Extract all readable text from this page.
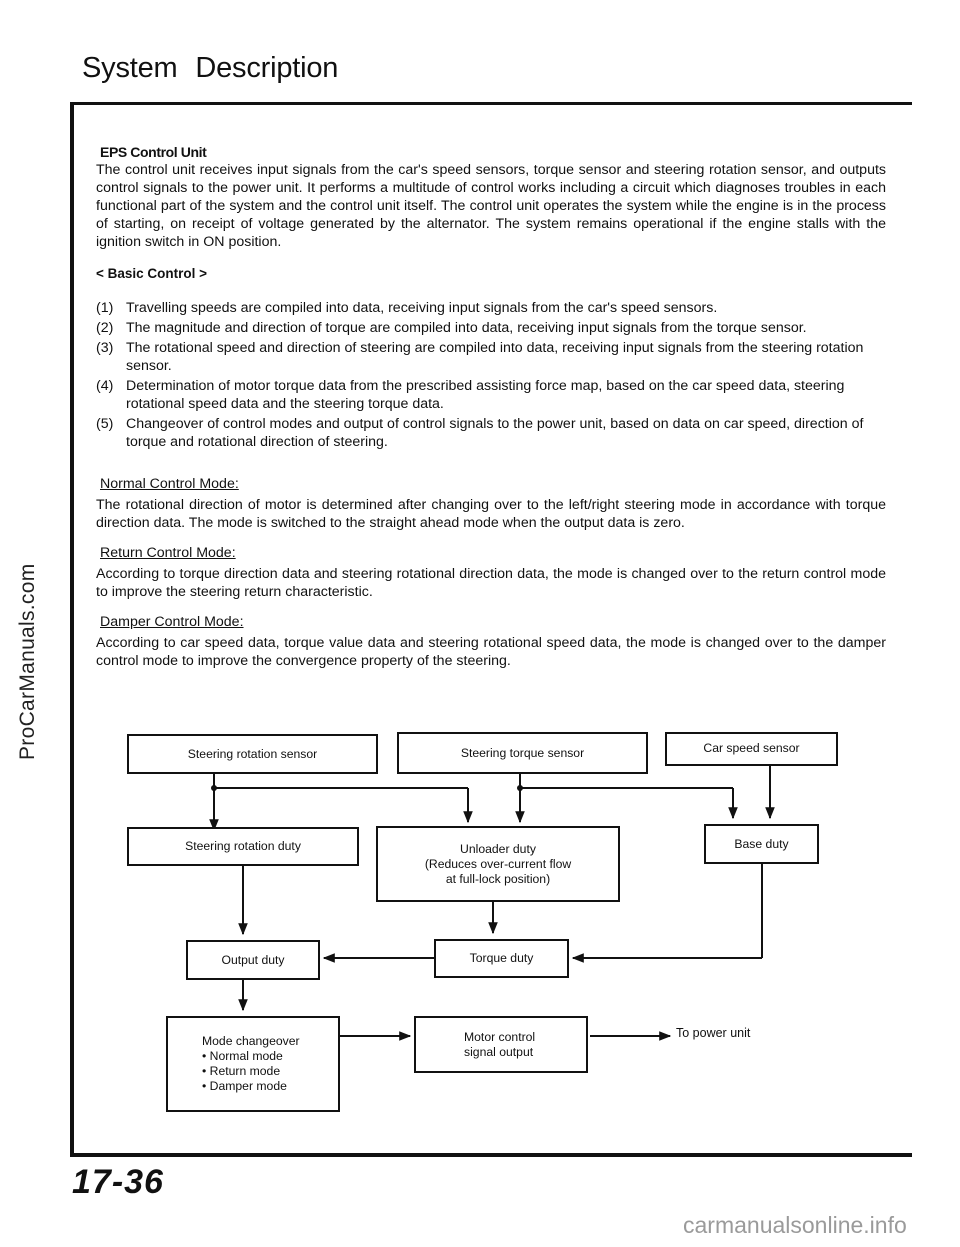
System Description
EPS Control Unit

The control unit receives input signals from the car's speed sensors, torque sensor and steering rotation sensor, and outputs control signals to the power unit. It performs a multitude of control works including a circuit which diagnoses troubles in each functional part of the system and the control unit itself. The control unit operates the system while the engine is in the process of starting, on receipt of voltage generated by the alternator. The system remains operational if the engine stalls with the ignition switch in ON position.

< Basic Control >
(1) Travelling speeds are compiled into data, receiving input signals from the car's speed sensors.
(2) The magnitude and direction of torque are compiled into data, receiving input signals from the torque sensor.
(3) The rotational speed and direction of steering are compiled into data, receiving input signals from the steering rotation sensor.
(4) Determination of motor torque data from the prescribed assisting force map, based on the car speed data, steering rotational speed data and the steering torque data.
(5) Changeover of control modes and output of control signals to the power unit, based on data on car speed, direction of torque and rotational direction of steering.
Normal Control Mode:

The rotational direction of motor is determined after changing over to the left/right steering mode in accordance with torque direction data. The mode is switched to the straight ahead mode when the output data is zero.

Return Control Mode:

According to torque direction data and steering rotational direction data, the mode is changed over to the return control mode to improve the steering return characteristic.

Damper Control Mode:

According to car speed data, torque value data and steering rotational speed data, the mode is changed over to the damper control mode to improve the convergence property of the steering.

Steering rotation sensor	Steering torque sensor	Car speed sensor
Steering rotation duty	Unloader duty
(Reduces over-current flow
at full-lock position)
Base duty
Output duty	Torque duty
Mode changeover
• Normal mode
• Return mode
• Damper mode
Motor control
signal output
To power unit
ProCarManuals.com
17-36
carmanualsonline.info
